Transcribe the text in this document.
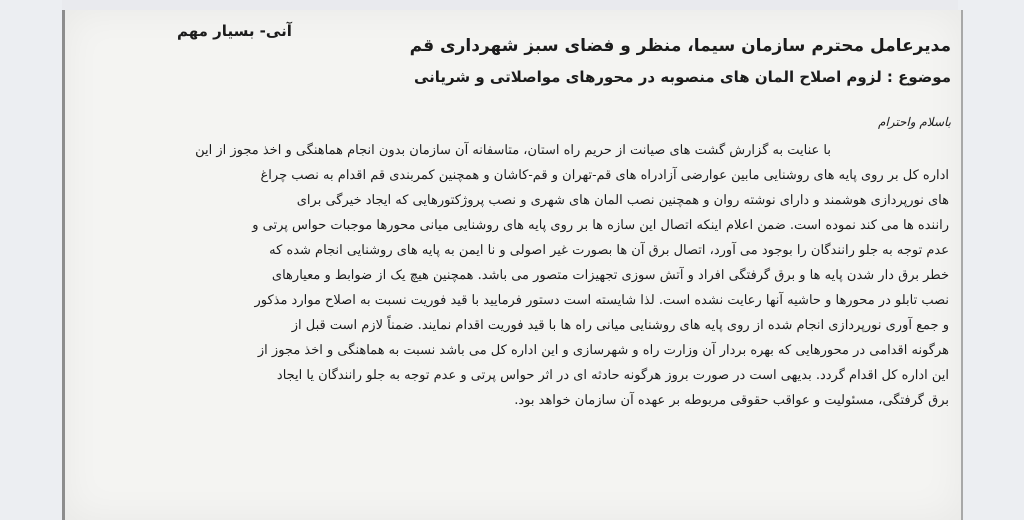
آنی- بسیار مهم
مدیرعامل محترم سازمان سیما، منظر و فضای سبز شهرداری قم
موضوع : لزوم اصلاح المان های منصوبه در محورهای مواصلاتی و شریانی
باسلام واحترام

با عنایت به گزارش گشت های صیانت از حریم راه استان، متاسفانه آن سازمان بدون انجام هماهنگی و اخذ مجوز از این

اداره کل بر روی پایه های روشنایی مابین عوارضی آزادراه های قم-تهران و قم-کاشان و همچنین کمربندی قم اقدام به نصب چراغ

های نورپردازی هوشمند و دارای نوشته روان و همچنین نصب المان های شهری و نصب پروژکتورهایی که ایجاد خیرگی برای

راننده ها می کند نموده است. ضمن اعلام اینکه اتصال این سازه ها بر روی پایه های روشنایی میانی محورها موجبات حواس پرتی و

عدم توجه به جلو رانندگان را بوجود می آورد، اتصال برق آن ها بصورت غیر اصولی و نا ایمن به پایه های روشنایی انجام شده که

خطر برق دار شدن پایه ها و برق گرفتگی افراد و آتش سوزی تجهیزات متصور می باشد. همچنین هیچ یک از ضوابط و معیارهای

نصب تابلو در محورها و حاشیه آنها رعایت نشده است. لذا شایسته است دستور فرمایید با قید فوریت نسبت به اصلاح موارد مذکور

و جمع آوری نورپردازی انجام شده از روی پایه های روشنایی میانی راه ها با قید فوریت اقدام نمایند. ضمناً لازم است قبل از

هرگونه اقدامی در محورهایی که بهره بردار آن وزارت راه و شهرسازی و این اداره کل می باشد نسبت به هماهنگی و اخذ مجوز از

این اداره کل اقدام گردد. بدیهی است در صورت بروز هرگونه حادثه ای در اثر حواس پرتی و عدم توجه به جلو رانندگان یا ایجاد

برق گرفتگی، مسئولیت و عواقب حقوقی مربوطه بر عهده آن سازمان خواهد بود.
